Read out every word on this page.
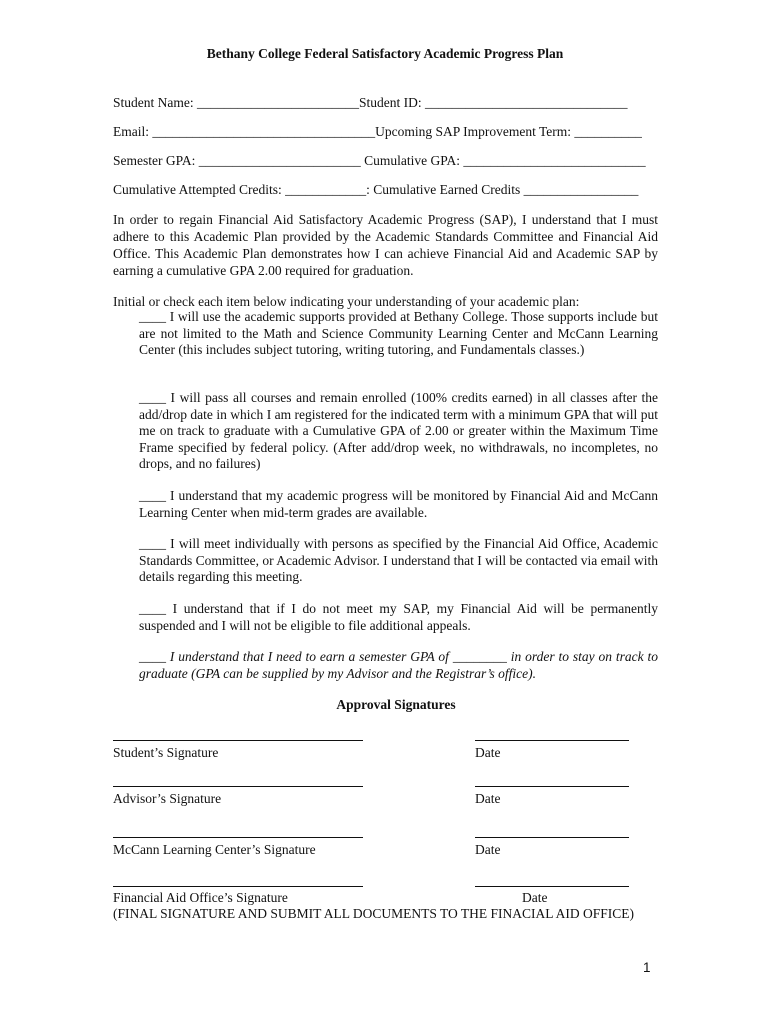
Bethany College Federal Satisfactory Academic Progress Plan
Student Name: ________________________Student ID: ______________________________
Email: _________________________________Upcoming SAP Improvement Term: __________
Semester GPA: ________________________ Cumulative GPA: ___________________________
Cumulative Attempted Credits: ____________: Cumulative Earned Credits _________________
In order to regain Financial Aid Satisfactory Academic Progress (SAP), I understand that I must adhere to this Academic Plan provided by the Academic Standards Committee and Financial Aid Office. This Academic Plan demonstrates how I can achieve Financial Aid and Academic SAP by earning a cumulative GPA 2.00 required for graduation.
Initial or check each item below indicating your understanding of your academic plan:
____ I will use the academic supports provided at Bethany College. Those supports include but are not limited to the Math and Science Community Learning Center and McCann Learning Center (this includes subject tutoring, writing tutoring, and Fundamentals classes.)
____ I will pass all courses and remain enrolled (100% credits earned) in all classes after the add/drop date in which I am registered for the indicated term with a minimum GPA that will put me on track to graduate with a Cumulative GPA of 2.00 or greater within the Maximum Time Frame specified by federal policy. (After add/drop week, no withdrawals, no incompletes, no drops, and no failures)
____ I understand that my academic progress will be monitored by Financial Aid and McCann Learning Center when mid-term grades are available.
____ I will meet individually with persons as specified by the Financial Aid Office, Academic Standards Committee, or Academic Advisor. I understand that I will be contacted via email with details regarding this meeting.
____ I understand that if I do not meet my SAP, my Financial Aid will be permanently suspended and I will not be eligible to file additional appeals.
____ I understand that I need to earn a semester GPA of ________ in order to stay on track to graduate (GPA can be supplied by my Advisor and the Registrar’s office).
Approval Signatures
Student’s Signature	Date
Advisor’s Signature	Date
McCann Learning Center’s Signature	Date
Financial Aid Office’s Signature	Date
(FINAL SIGNATURE AND SUBMIT ALL DOCUMENTS TO THE FINACIAL AID OFFICE)
1
